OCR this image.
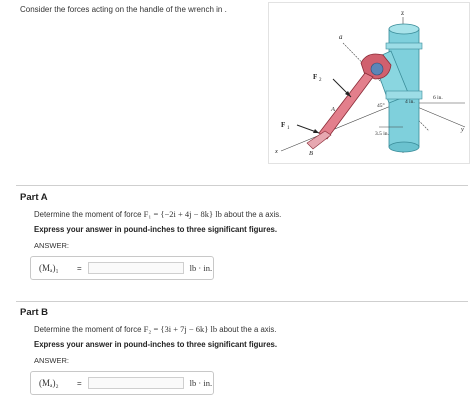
Consider the forces acting on the handle of the wrench in .	z
a
F 2
F 1
A
B
x
y
45°
4 in.
6 in.
3.5 in.
Part A
Determine the moment of force F₁ = {−2i + 4j − 8k} lb about the a axis.
Express your answer in pound-inches to three significant figures.
ANSWER:
(Mₐ)₁	=	lb · in.
Part B
Determine the moment of force F₂ = {3i + 7j − 6k} lb about the a axis.
Express your answer in pound-inches to three significant figures.
ANSWER:
(Mₐ)₂	=	lb · in.
